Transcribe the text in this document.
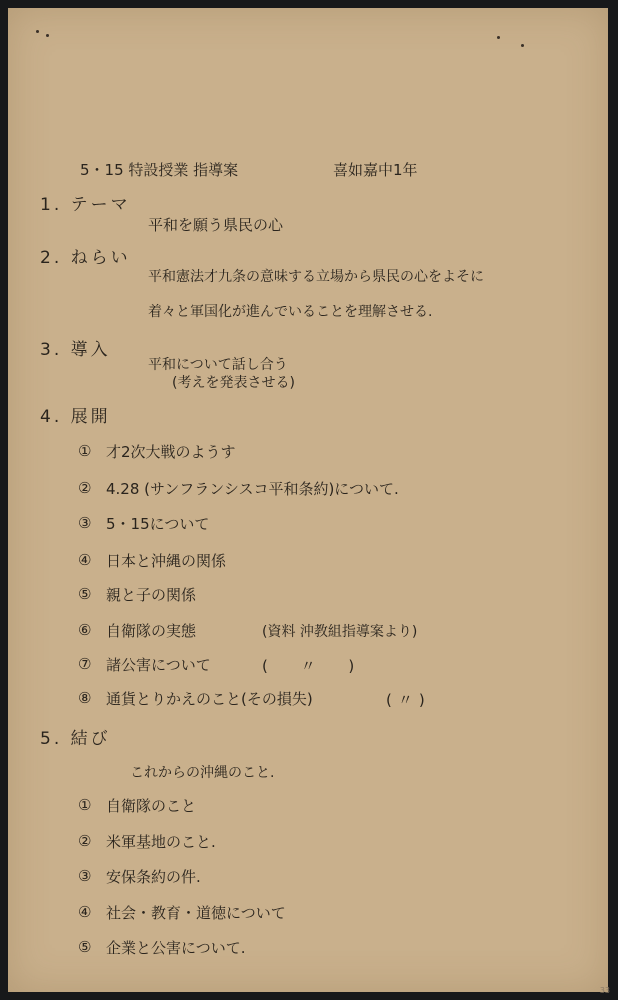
5・15 特設授業 指導案	喜如嘉中1年
1. テーマ
平和を願う県民の心
2. ねらい
平和憲法才九条の意味する立場から県民の心をよそに
着々と軍国化が進んでいることを理解させる.
3. 導入
平和について話し合う
(考えを発表させる)
4. 展開
① 才2次大戦のようす
② 4.28 (サンフランシスコ平和条約)について.
③ 5・15について
④ 日本と沖縄の関係
⑤ 親と子の関係
⑥ 自衛隊の実態	(資料 沖教組指導案より)
⑦ 諸公害について	( 〃 )
⑧ 通貨とりかえのこと(その損失)	(〃)
5. 結び
これからの沖縄のこと.
① 自衛隊のこと
② 米軍基地のこと.
③ 安保条約の件.
④ 社会・教育・道徳について
⑤ 企業と公害について.
33
